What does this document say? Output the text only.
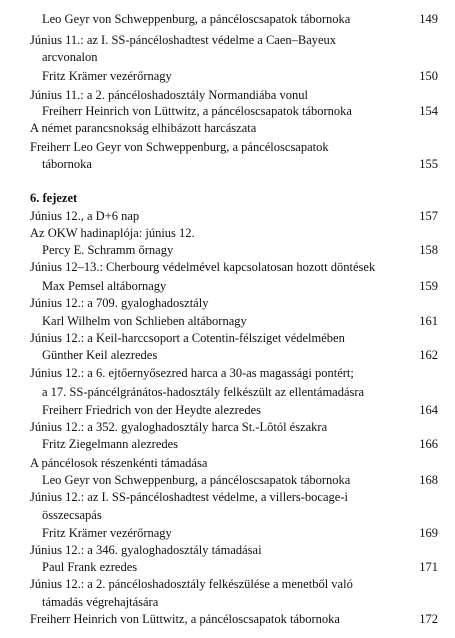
Leo Geyr von Schweppenburg, a páncéloscsapatok tábornoka	149
Június 11.: az I. SS-páncéloshadtest védelme a Caen–Bayeux
arcvonalon
Fritz Krämer vezérőrnagy	150
Június 11.: a 2. páncéloshadosztály Normandiába vonul
Freiherr Heinrich von Lüttwitz, a páncéloscsapatok tábornoka	154
A német parancsnokság elhibázott harcászata
Freiherr Leo Geyr von Schweppenburg, a páncéloscsapatok
tábornoka	155
6. fejezet
Június 12., a D+6 nap	157
Az OKW hadinaplója: június 12.
Percy E. Schramm őrnagy	158
Június 12–13.: Cherbourg védelmével kapcsolatosan hozott döntések
Max Pemsel altábornagy	159
Június 12.: a 709. gyaloghadosztály
Karl Wilhelm von Schlieben altábornagy	161
Június 12.: a Keil-harccsoport a Cotentin-félsziget védelmében
Günther Keil alezredes	162
Június 12.: a 6. ejtőernyősezred harca a 30-as magassági pontért;
a 17. SS-páncélgránátos-hadosztály felkészült az ellentámadásra
Freiherr Friedrich von der Heydte alezredes	164
Június 12.: a 352. gyaloghadosztály harca St.-Lôtól északra
Fritz Ziegelmann alezredes	166
A páncélosok részenkénti támadása
Leo Geyr von Schweppenburg, a páncéloscsapatok tábornoka	168
Június 12.: az I. SS-páncéloshadtest védelme, a villers-bocage-i
összecsapás
Fritz Krämer vezérőrnagy	169
Június 12.: a 346. gyaloghadosztály támadásai
Paul Frank ezredes	171
Június 12.: a 2. páncéloshadosztály felkészülése a menetből való
támadás végrehajtására
Freiherr Heinrich von Lüttwitz, a páncéloscsapatok tábornoka	172
